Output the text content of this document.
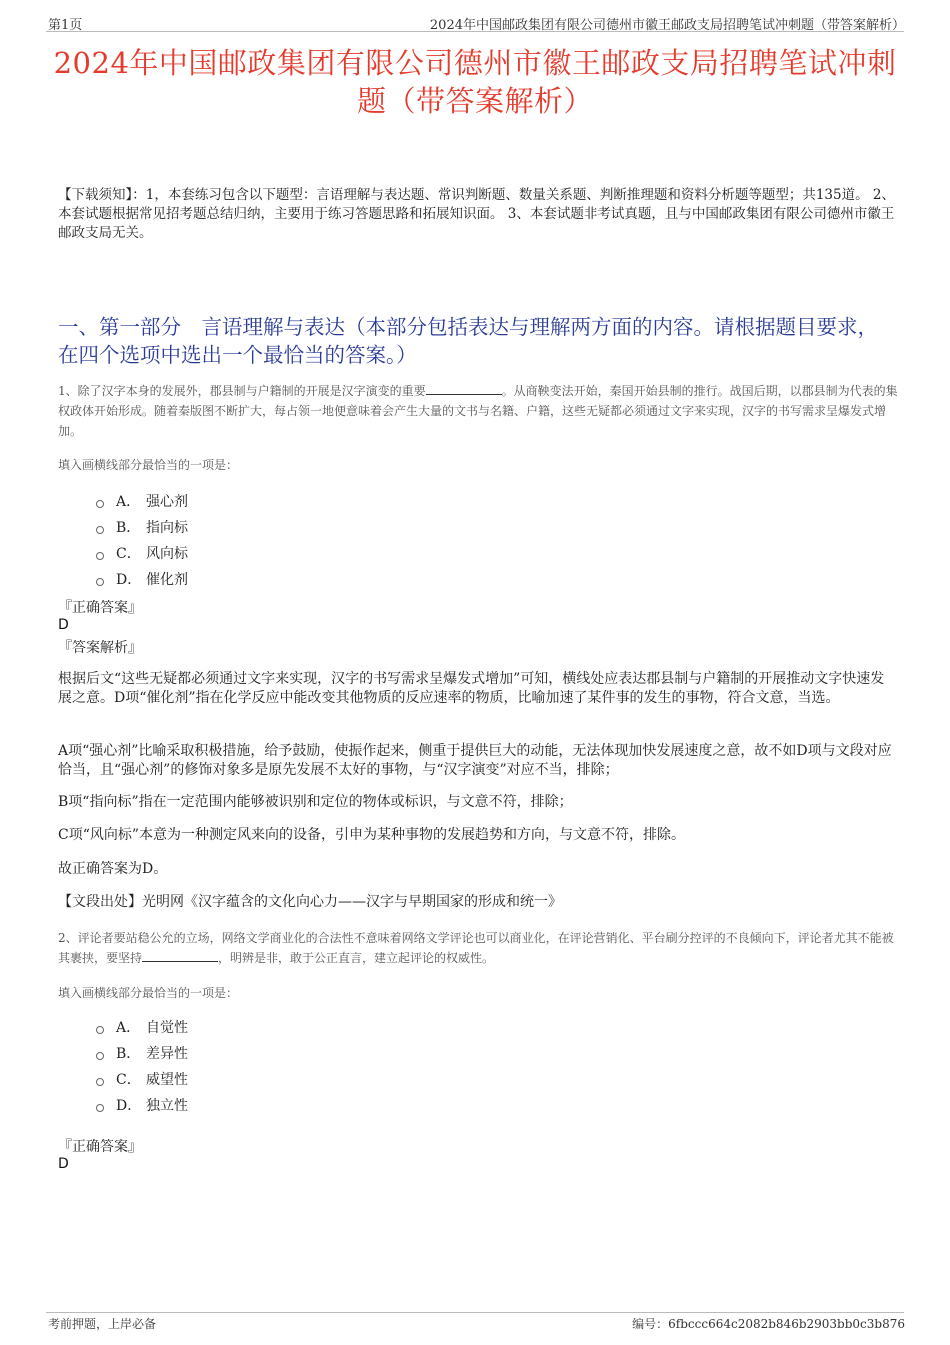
第1页	2024年中国邮政集团有限公司德州市徽王邮政支局招聘笔试冲刺题（带答案解析）
2024年中国邮政集团有限公司德州市徽王邮政支局招聘笔试冲刺题（带答案解析）
【下载须知】：1，本套练习包含以下题型：言语理解与表达题、常识判断题、数量关系题、判断推理题和资料分析题等题型；共135道。 2、本套试题根据常见招考题总结归纳，主要用于练习答题思路和拓展知识面。 3、本套试题非考试真题，且与中国邮政集团有限公司德州市徽王邮政支局无关。
一、第一部分　言语理解与表达（本部分包括表达与理解两方面的内容。请根据题目要求，在四个选项中选出一个最恰当的答案。）
1、除了汉字本身的发展外，郡县制与户籍制的开展是汉字演变的重要	。从商鞅变法开始，秦国开始县制的推行。战国后期，以郡县制为代表的集权政体开始形成。随着秦版图不断扩大，每占领一地便意味着会产生大量的文书与名籍、户籍，这些无疑都必须通过文字来实现，汉字的书写需求呈爆发式增加。
填入画横线部分最恰当的一项是：
A． 强心剂
B． 指向标
C． 风向标
D． 催化剂
『正确答案』
D
『答案解析』
根据后文“这些无疑都必须通过文字来实现，汉字的书写需求呈爆发式增加”可知，横线处应表达郡县制与户籍制的开展推动文字快速发展之意。D项“催化剂”指在化学反应中能改变其他物质的反应速率的物质，比喻加速了某件事的发生的事物，符合文意，当选。
A项“强心剂”比喻采取积极措施，给予鼓励，使振作起来，侧重于提供巨大的动能，无法体现加快发展速度之意，故不如D项与文段对应恰当，且“强心剂”的修饰对象多是原先发展不太好的事物，与“汉字演变”对应不当，排除；
B项“指向标”指在一定范围内能够被识别和定位的物体或标识，与文意不符，排除；
C项“风向标”本意为一种测定风来向的设备，引申为某种事物的发展趋势和方向，与文意不符，排除。
故正确答案为D。
【文段出处】光明网《汉字蕴含的文化向心力——汉字与早期国家的形成和统一》
2、评论者要站稳公允的立场，网络文学商业化的合法性不意味着网络文学评论也可以商业化，在评论营销化、平台刷分控评的不良倾向下，评论者尤其不能被其裹挟，要坚持	，明辨是非，敢于公正直言，建立起评论的权威性。
填入画横线部分最恰当的一项是：
A． 自觉性
B． 差异性
C． 威望性
D． 独立性
『正确答案』
D
考前押题，上岸必备	编号：6fbccc664c2082b846b2903bb0c3b876
